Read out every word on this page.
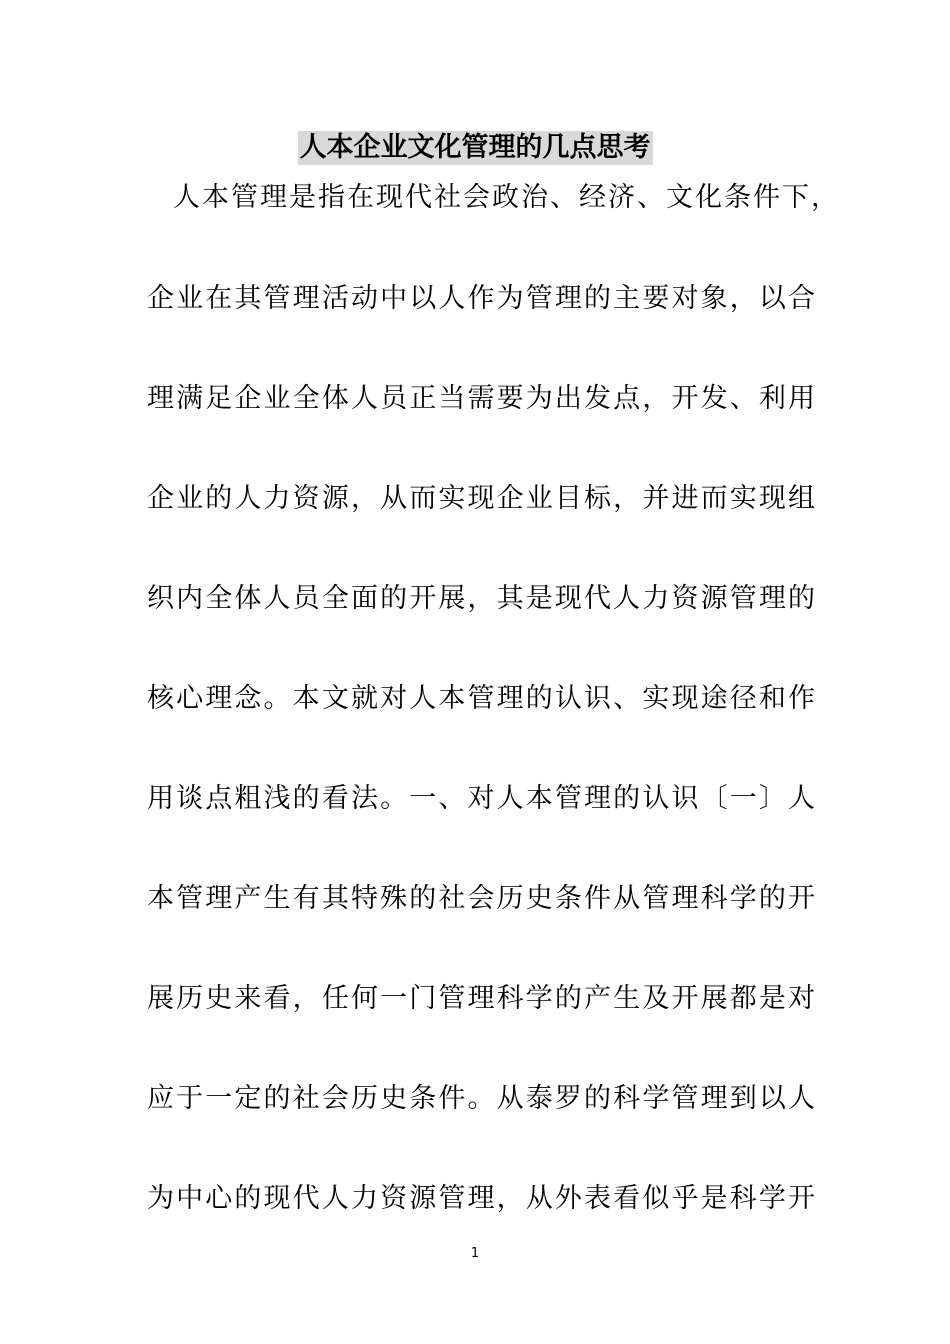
人本企业文化管理的几点思考
人本管理是指在现代社会政治、经济、文化条件下，
企业在其管理活动中以人作为管理的主要对象，以合
理满足企业全体人员正当需要为出发点，开发、利用
企业的人力资源，从而实现企业目标，并进而实现组
织内全体人员全面的开展，其是现代人力资源管理的
核心理念。本文就对人本管理的认识、实现途径和作
用谈点粗浅的看法。一、对人本管理的认识〔一〕人
本管理产生有其特殊的社会历史条件从管理科学的开
展历史来看，任何一门管理科学的产生及开展都是对
应于一定的社会历史条件。从泰罗的科学管理到以人
为中心的现代人力资源管理，从外表看似乎是科学开
1
